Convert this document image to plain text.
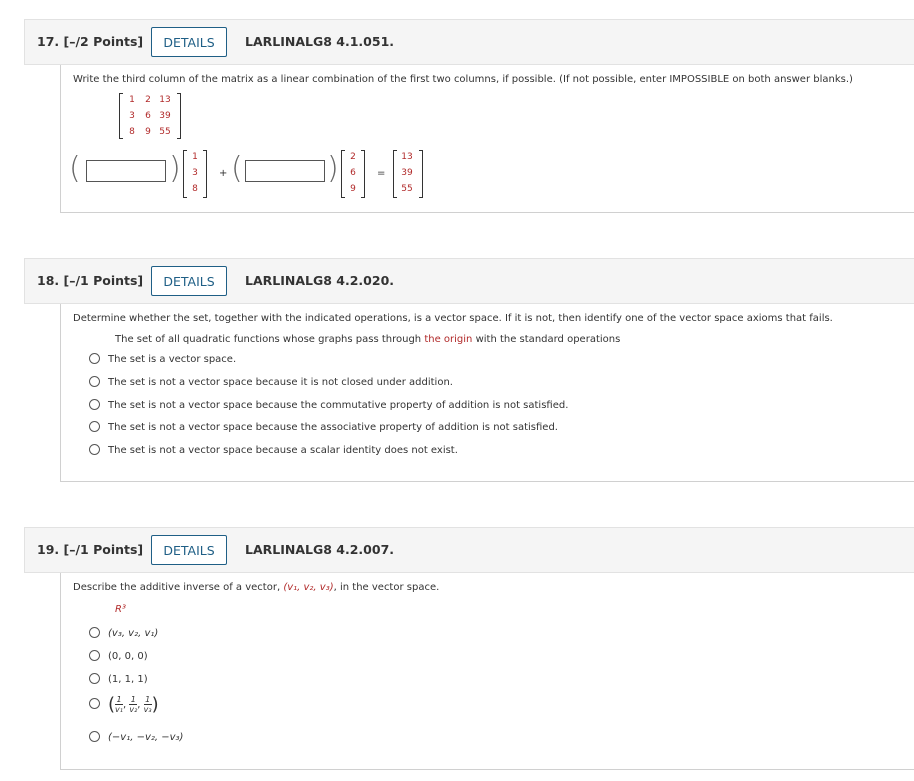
17. [–/2 Points]	DETAILS	LARLINALG8 4.1.051.
Write the third column of the matrix as a linear combination of the first two columns, if possible. (If not possible, enter IMPOSSIBLE on both answer blanks.)
1	2 13
3	6 39
8	9 55
(	)	1
3
8
+ (	)	2
6
9
=
13
39
55
18. [–/1 Points]	DETAILS	LARLINALG8 4.2.020.
Determine whether the set, together with the indicated operations, is a vector space. If it is not, then identify one of the vector space axioms that fails.
The set of all quadratic functions whose graphs pass through the origin with the standard operations
The set is a vector space.
The set is not a vector space because it is not closed under addition.
The set is not a vector space because the commutative property of addition is not satisfied.
The set is not a vector space because the associative property of addition is not satisfied.
The set is not a vector space because a scalar identity does not exist.
19. [–/1 Points]	DETAILS	LARLINALG8 4.2.007.
Describe the additive inverse of a vector, (v₁, v₂, v₃), in the vector space.
R³
(v₃, v₂, v₁)
(0, 0, 0)
(1, 1, 1)
( $\frac{1}{\text{v₁}}$ , $\frac{1}{\text{v₂}}$ , $\frac{1}{\text{v₃}}$ )
(−v₁, −v₂, −v₃)
